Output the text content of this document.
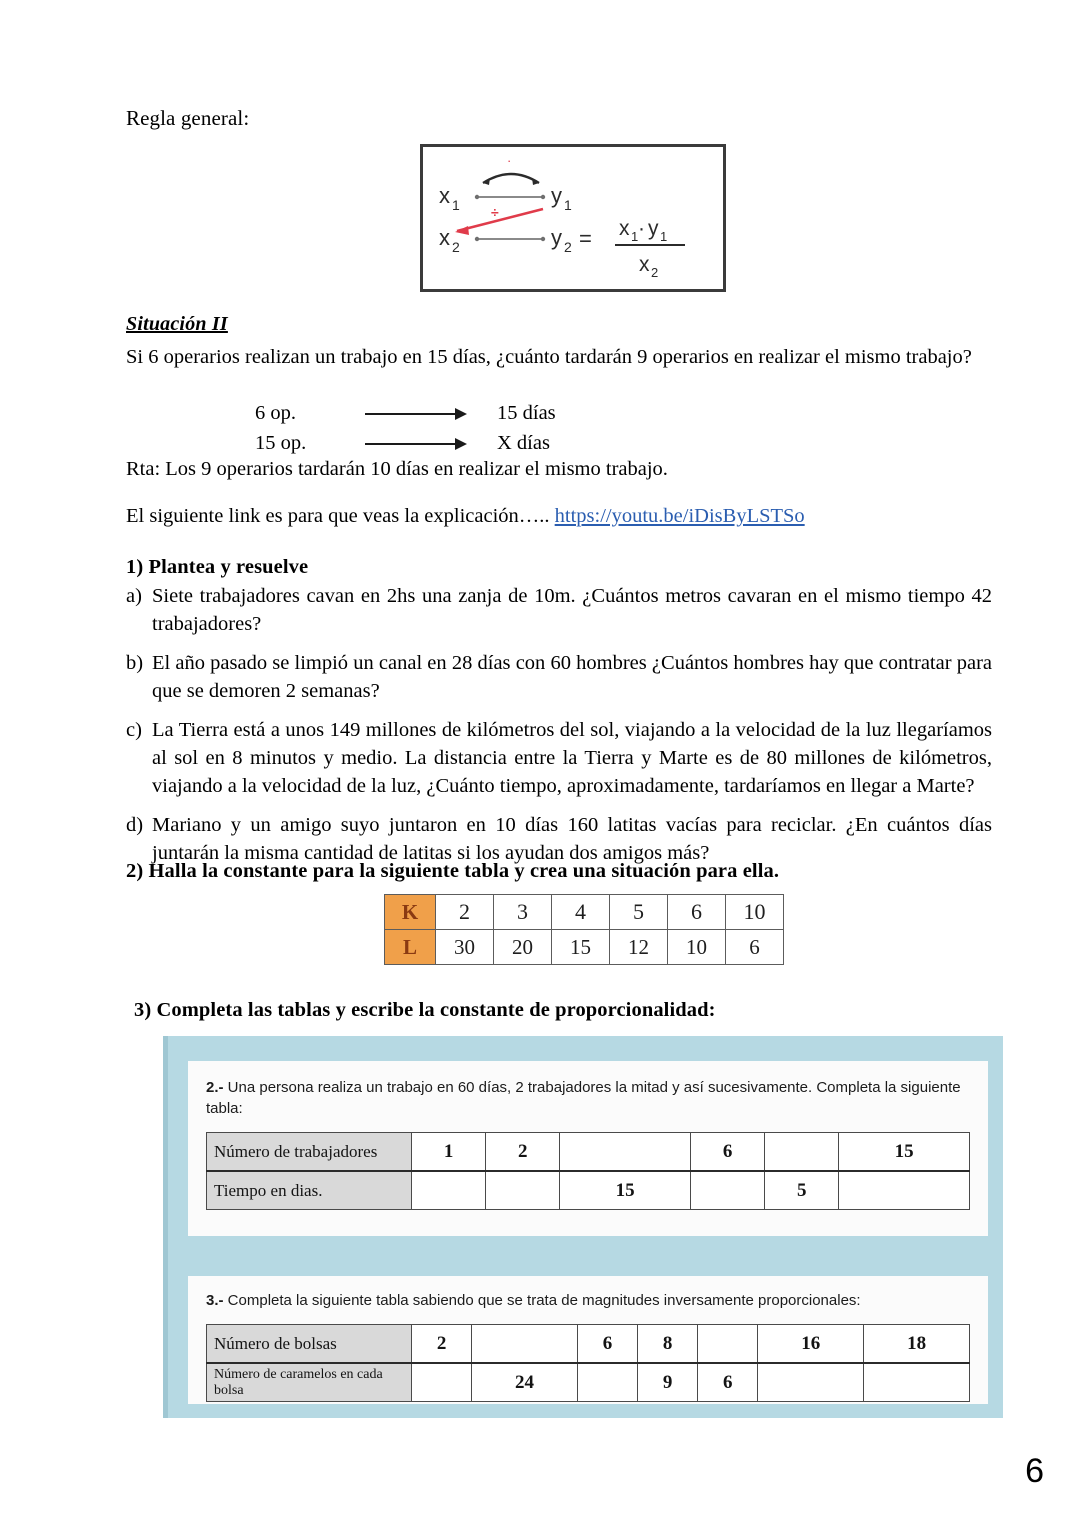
Regla general:
x 1
x 2
y 1
y 2
·
÷
= x 1 · y 1
x 2
Situación II
Si 6 operarios realizan un trabajo en 15 días, ¿cuánto tardarán 9 operarios en realizar el mismo trabajo?
6 op.	15 días
15 op.	X días
Rta: Los 9 operarios tardarán 10 días en realizar el mismo trabajo.
El siguiente link es para que veas la explicación….. https://youtu.be/iDisByLSTSo
1) Plantea y resuelve
a) Siete trabajadores cavan en 2hs una zanja de 10m. ¿Cuántos metros cavaran en el mismo tiempo 42 trabajadores?
b) El año pasado se limpió un canal en 28 días con 60 hombres ¿Cuántos hombres hay que contratar para que se demoren 2 semanas?
c) La Tierra está a unos 149 millones de kilómetros del sol, viajando a la velocidad de la luz llegaríamos al sol en 8 minutos y medio. La distancia entre la Tierra y Marte es de 80 millones de kilómetros, viajando a la velocidad de la luz, ¿Cuánto tiempo, aproximadamente, tardaríamos en llegar a Marte?
d) Mariano y un amigo suyo juntaron en 10 días 160 latitas vacías para reciclar. ¿En cuántos días juntarán la misma cantidad de latitas si los ayudan dos amigos más?
2) Halla la constante para la siguiente tabla y crea una situación para ella.
K	2	3	4	5	6	10
L	30	20	15	12	10	6
3) Completa las tablas y escribe la constante de proporcionalidad:
2.- Una persona realiza un trabajo en 60 días, 2 trabajadores la mitad y así sucesivamente. Completa la siguiente tabla:
Número de trabajadores	1	2		6		15
Tiempo en dias.			15		5	
3.- Completa la siguiente tabla sabiendo que se trata de magnitudes inversamente proporcionales:
Número de bolsas	2		6	8		16	18
Número de caramelos en cada bolsa		24		9	6		
6
